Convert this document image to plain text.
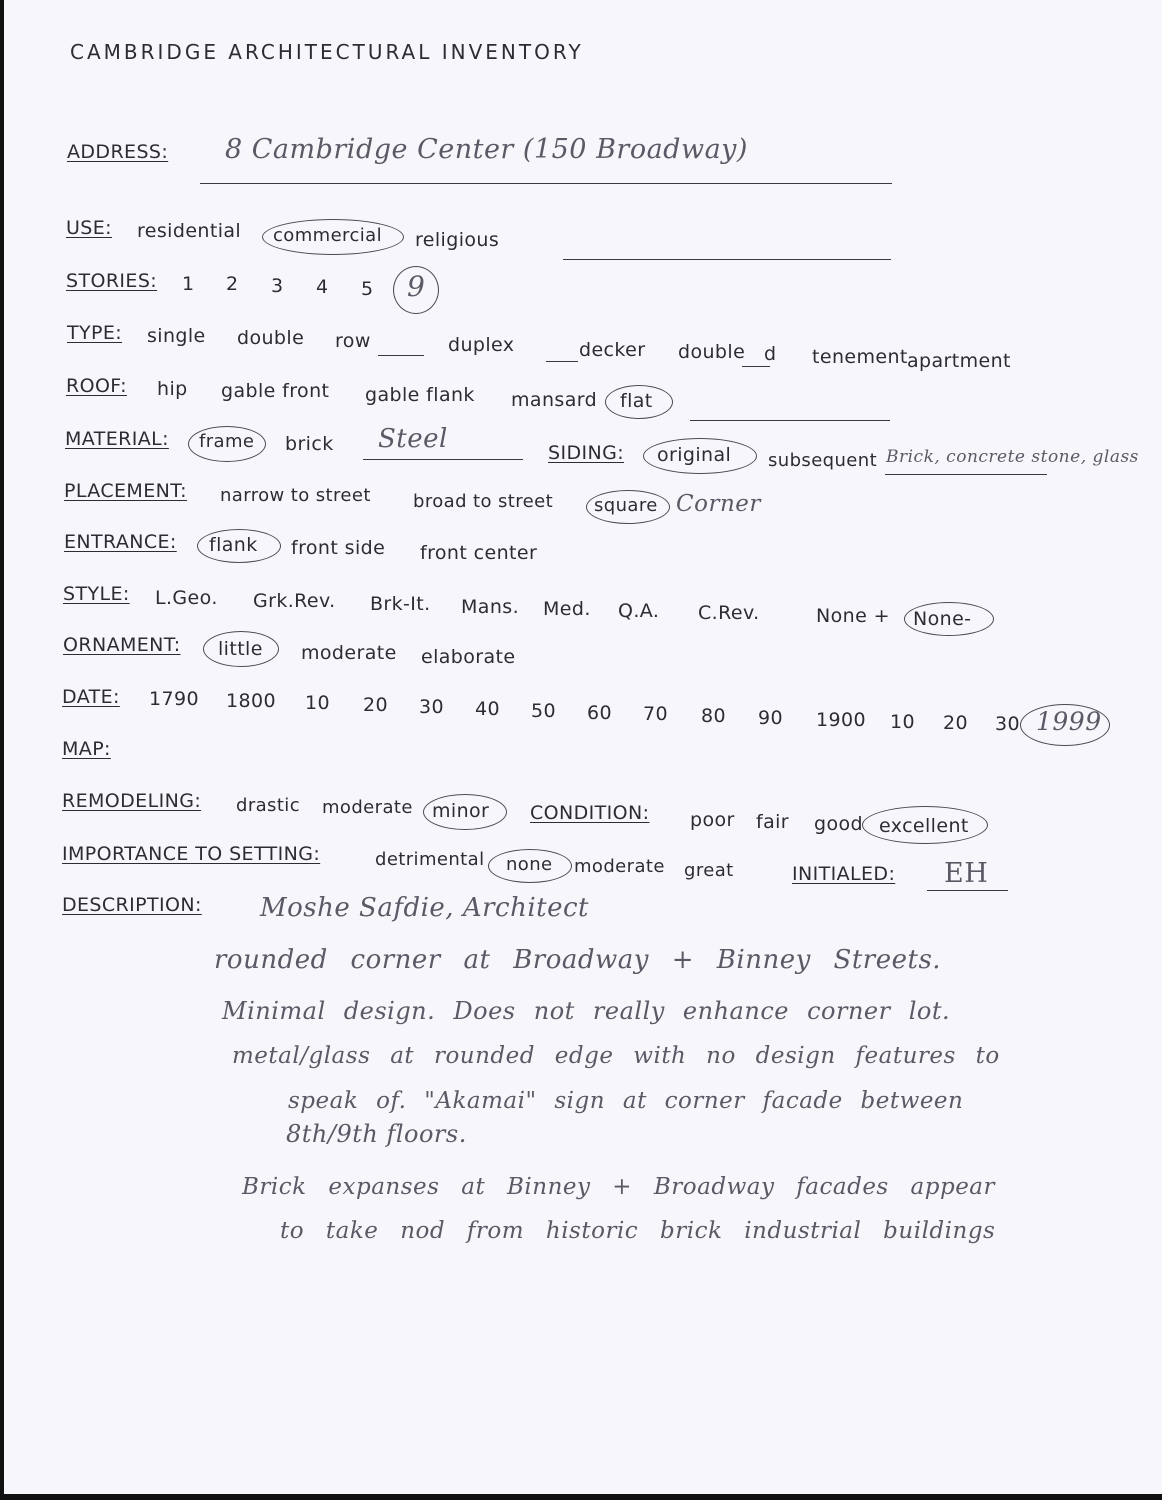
CAMBRIDGE ARCHITECTURAL INVENTORY
ADDRESS: 8 Cambridge Center (150 Broadway)
USE: residential commercial religious
STORIES: 1 2 3 4 5 9
TYPE: single double row	duplex	decker double d tenement apartment
ROOF: hip gable front gable flank mansard flat
MATERIAL: frame brick Steel	SIDING: original subsequent Brick, concrete stone, glass
PLACEMENT: narrow to street broad to street square Corner
ENTRANCE: flank front side front center
STYLE: L.Geo. Grk.Rev. Brk-It. Mans. Med. Q.A. C.Rev.	None + None-
ORNAMENT: little moderate elaborate
DATE: 1790 1800 10 20 30 40 50 60 70 80 90 1900 10 20 30 1999
MAP:
REMODELING: drastic moderate minor CONDITION: poor fair good excellent
IMPORTANCE TO SETTING:	detrimental none moderate great	INITIALED: EH
DESCRIPTION: Moshe Safdie, Architect
rounded corner at Broadway + Binney Streets.
Minimal design. Does not really enhance corner lot.
metal/glass at rounded edge with no design features to
speak of. "Akamai" sign at corner facade between
8th/9th floors.
Brick expanses at Binney + Broadway facades appear
to take nod from historic brick industrial buildings
